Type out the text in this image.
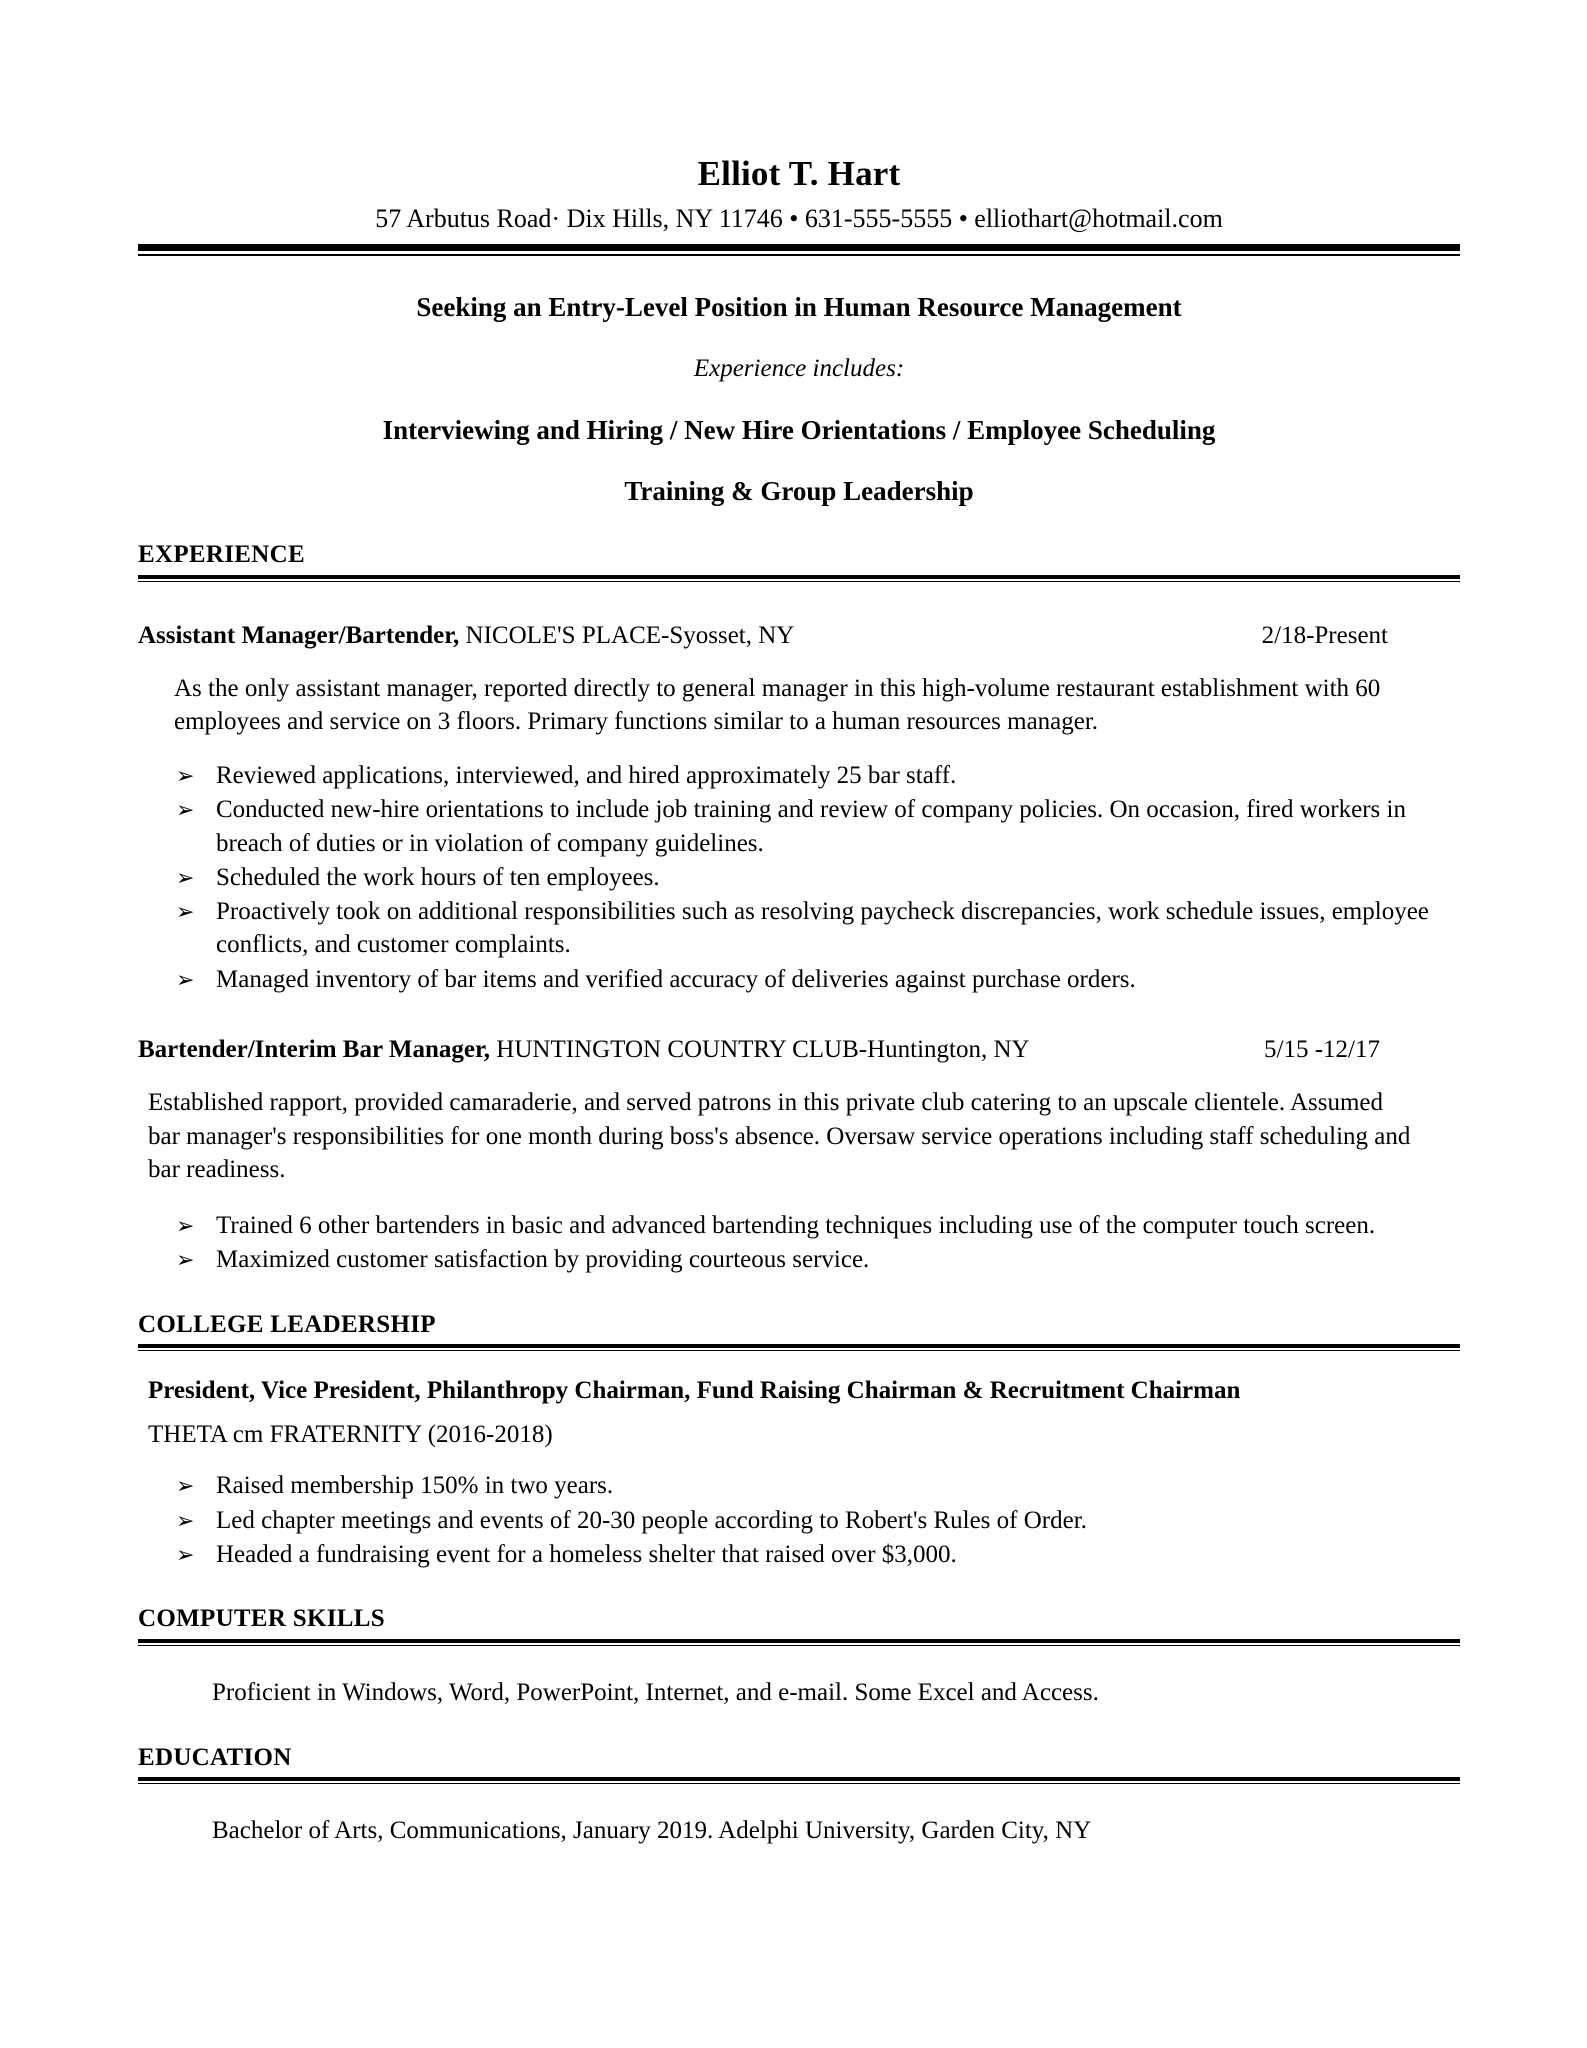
Elliot T. Hart
57 Arbutus Road· Dix Hills, NY 11746 • 631-555-5555 • elliothart@hotmail.com
Seeking an Entry-Level Position in Human Resource Management
Experience includes:
Interviewing and Hiring / New Hire Orientations / Employee Scheduling
Training & Group Leadership
EXPERIENCE
Assistant Manager/Bartender, NICOLE'S PLACE-Syosset, NY	2/18-Present
As the only assistant manager, reported directly to general manager in this high-volume restaurant establishment with 60 employees and service on 3 floors. Primary functions similar to a human resources manager.
➢ Reviewed applications, interviewed, and hired approximately 25 bar staff.
➢ Conducted new-hire orientations to include job training and review of company policies. On occasion, fired workers in breach of duties or in violation of company guidelines.
➢ Scheduled the work hours of ten employees.
➢ Proactively took on additional responsibilities such as resolving paycheck discrepancies, work schedule issues, employee conflicts, and customer complaints.
➢ Managed inventory of bar items and verified accuracy of deliveries against purchase orders.
Bartender/Interim Bar Manager, HUNTINGTON COUNTRY CLUB-Huntington, NY	5/15 -12/17
Established rapport, provided camaraderie, and served patrons in this private club catering to an upscale clientele. Assumed bar manager's responsibilities for one month during boss's absence. Oversaw service operations including staff scheduling and bar readiness.
➢ Trained 6 other bartenders in basic and advanced bartending techniques including use of the computer touch screen.
➢ Maximized customer satisfaction by providing courteous service.
COLLEGE LEADERSHIP
President, Vice President, Philanthropy Chairman, Fund Raising Chairman & Recruitment Chairman
THETA cm FRATERNITY (2016-2018)
➢ Raised membership 150% in two years.
➢ Led chapter meetings and events of 20-30 people according to Robert's Rules of Order.
➢ Headed a fundraising event for a homeless shelter that raised over $3,000.
COMPUTER SKILLS
Proficient in Windows, Word, PowerPoint, Internet, and e-mail. Some Excel and Access.
EDUCATION
Bachelor of Arts, Communications, January 2019. Adelphi University, Garden City, NY
